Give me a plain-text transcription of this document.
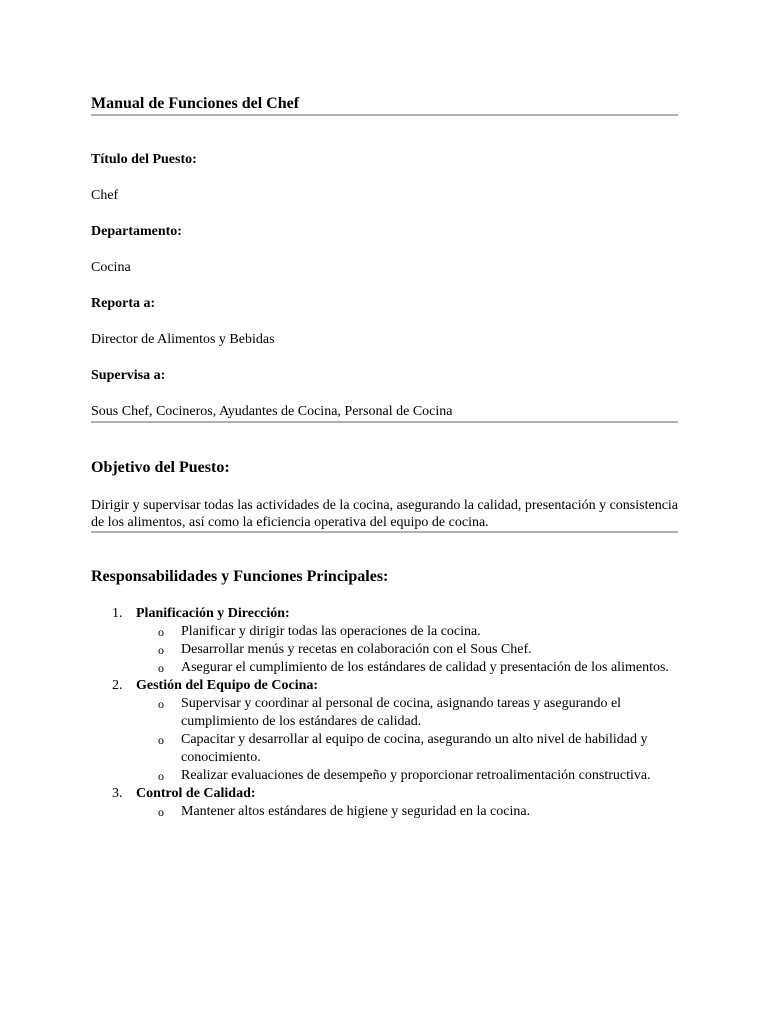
Manual de Funciones del Chef

Título del Puesto:

Chef

Departamento:

Cocina

Reporta a:

Director de Alimentos y Bebidas

Supervisa a:

Sous Chef, Cocineros, Ayudantes de Cocina, Personal de Cocina

Objetivo del Puesto:

Dirigir y supervisar todas las actividades de la cocina, asegurando la calidad, presentación y consistencia de los alimentos, así como la eficiencia operativa del equipo de cocina.

Responsabilidades y Funciones Principales:
1. Planificación y Dirección:
o Planificar y dirigir todas las operaciones de la cocina.
o Desarrollar menús y recetas en colaboración con el Sous Chef.
o Asegurar el cumplimiento de los estándares de calidad y presentación de los alimentos.
2. Gestión del Equipo de Cocina:
o Supervisar y coordinar al personal de cocina, asignando tareas y asegurando el cumplimiento de los estándares de calidad.
o Capacitar y desarrollar al equipo de cocina, asegurando un alto nivel de habilidad y conocimiento.
o Realizar evaluaciones de desempeño y proporcionar retroalimentación constructiva.
3. Control de Calidad:
o Mantener altos estándares de higiene y seguridad en la cocina.
